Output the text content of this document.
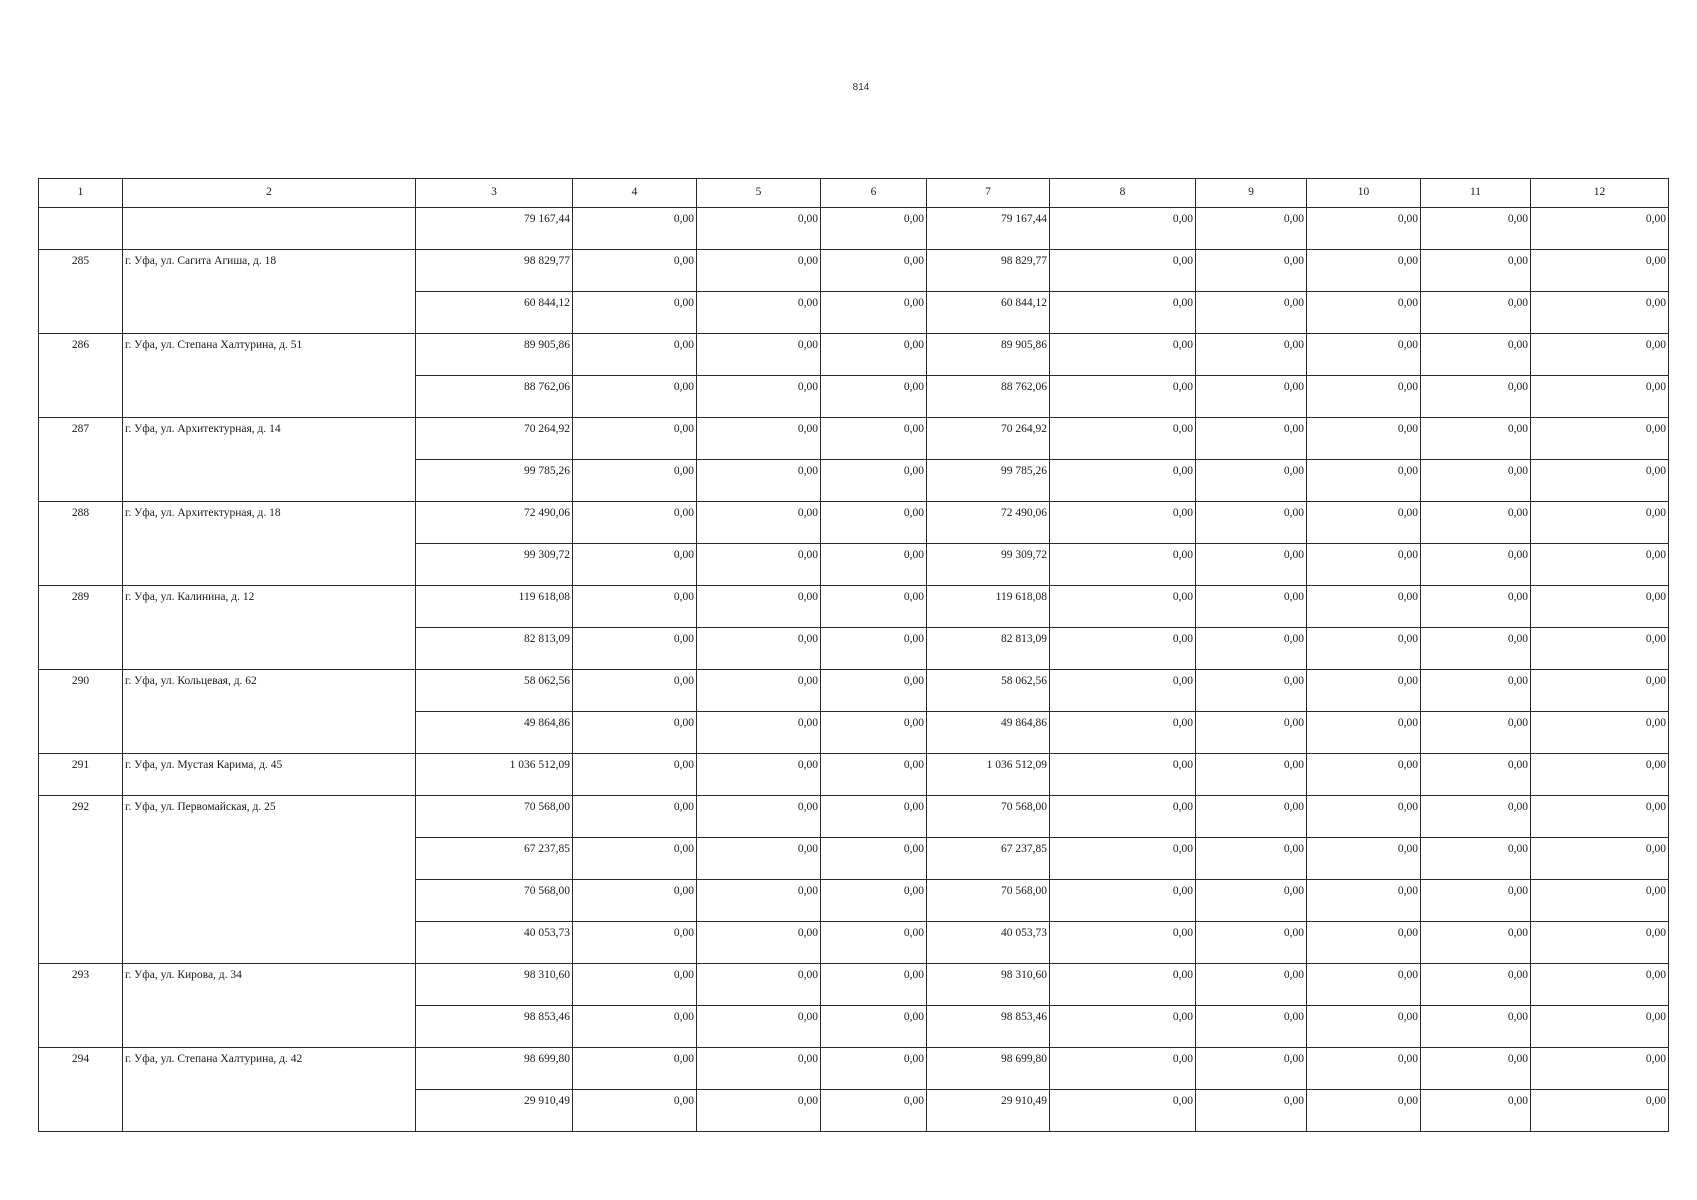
814
1	2	3	4	5	6	7	8	9	10	11	12
		79 167,44	0,00	0,00	0,00	79 167,44	0,00	0,00	0,00	0,00	0,00
285	г. Уфа, ул. Сагита Агиша, д. 18	98 829,77	0,00	0,00	0,00	98 829,77	0,00	0,00	0,00	0,00	0,00
		60 844,12	0,00	0,00	0,00	60 844,12	0,00	0,00	0,00	0,00	0,00
286	г. Уфа, ул. Степана Халтурина, д. 51	89 905,86	0,00	0,00	0,00	89 905,86	0,00	0,00	0,00	0,00	0,00
		88 762,06	0,00	0,00	0,00	88 762,06	0,00	0,00	0,00	0,00	0,00
287	г. Уфа, ул. Архитектурная, д. 14	70 264,92	0,00	0,00	0,00	70 264,92	0,00	0,00	0,00	0,00	0,00
		99 785,26	0,00	0,00	0,00	99 785,26	0,00	0,00	0,00	0,00	0,00
288	г. Уфа, ул. Архитектурная, д. 18	72 490,06	0,00	0,00	0,00	72 490,06	0,00	0,00	0,00	0,00	0,00
		99 309,72	0,00	0,00	0,00	99 309,72	0,00	0,00	0,00	0,00	0,00
289	г. Уфа, ул. Калинина, д. 12	119 618,08	0,00	0,00	0,00	119 618,08	0,00	0,00	0,00	0,00	0,00
		82 813,09	0,00	0,00	0,00	82 813,09	0,00	0,00	0,00	0,00	0,00
290	г. Уфа, ул. Кольцевая, д. 62	58 062,56	0,00	0,00	0,00	58 062,56	0,00	0,00	0,00	0,00	0,00
		49 864,86	0,00	0,00	0,00	49 864,86	0,00	0,00	0,00	0,00	0,00
291	г. Уфа, ул. Мустая Карима, д. 45	1 036 512,09	0,00	0,00	0,00	1 036 512,09	0,00	0,00	0,00	0,00	0,00
292	г. Уфа, ул. Первомайская, д. 25	70 568,00	0,00	0,00	0,00	70 568,00	0,00	0,00	0,00	0,00	0,00
		67 237,85	0,00	0,00	0,00	67 237,85	0,00	0,00	0,00	0,00	0,00
		70 568,00	0,00	0,00	0,00	70 568,00	0,00	0,00	0,00	0,00	0,00
		40 053,73	0,00	0,00	0,00	40 053,73	0,00	0,00	0,00	0,00	0,00
293	г. Уфа, ул. Кирова, д. 34	98 310,60	0,00	0,00	0,00	98 310,60	0,00	0,00	0,00	0,00	0,00
		98 853,46	0,00	0,00	0,00	98 853,46	0,00	0,00	0,00	0,00	0,00
294	г. Уфа, ул. Степана Халтурина, д. 42	98 699,80	0,00	0,00	0,00	98 699,80	0,00	0,00	0,00	0,00	0,00
		29 910,49	0,00	0,00	0,00	29 910,49	0,00	0,00	0,00	0,00	0,00
